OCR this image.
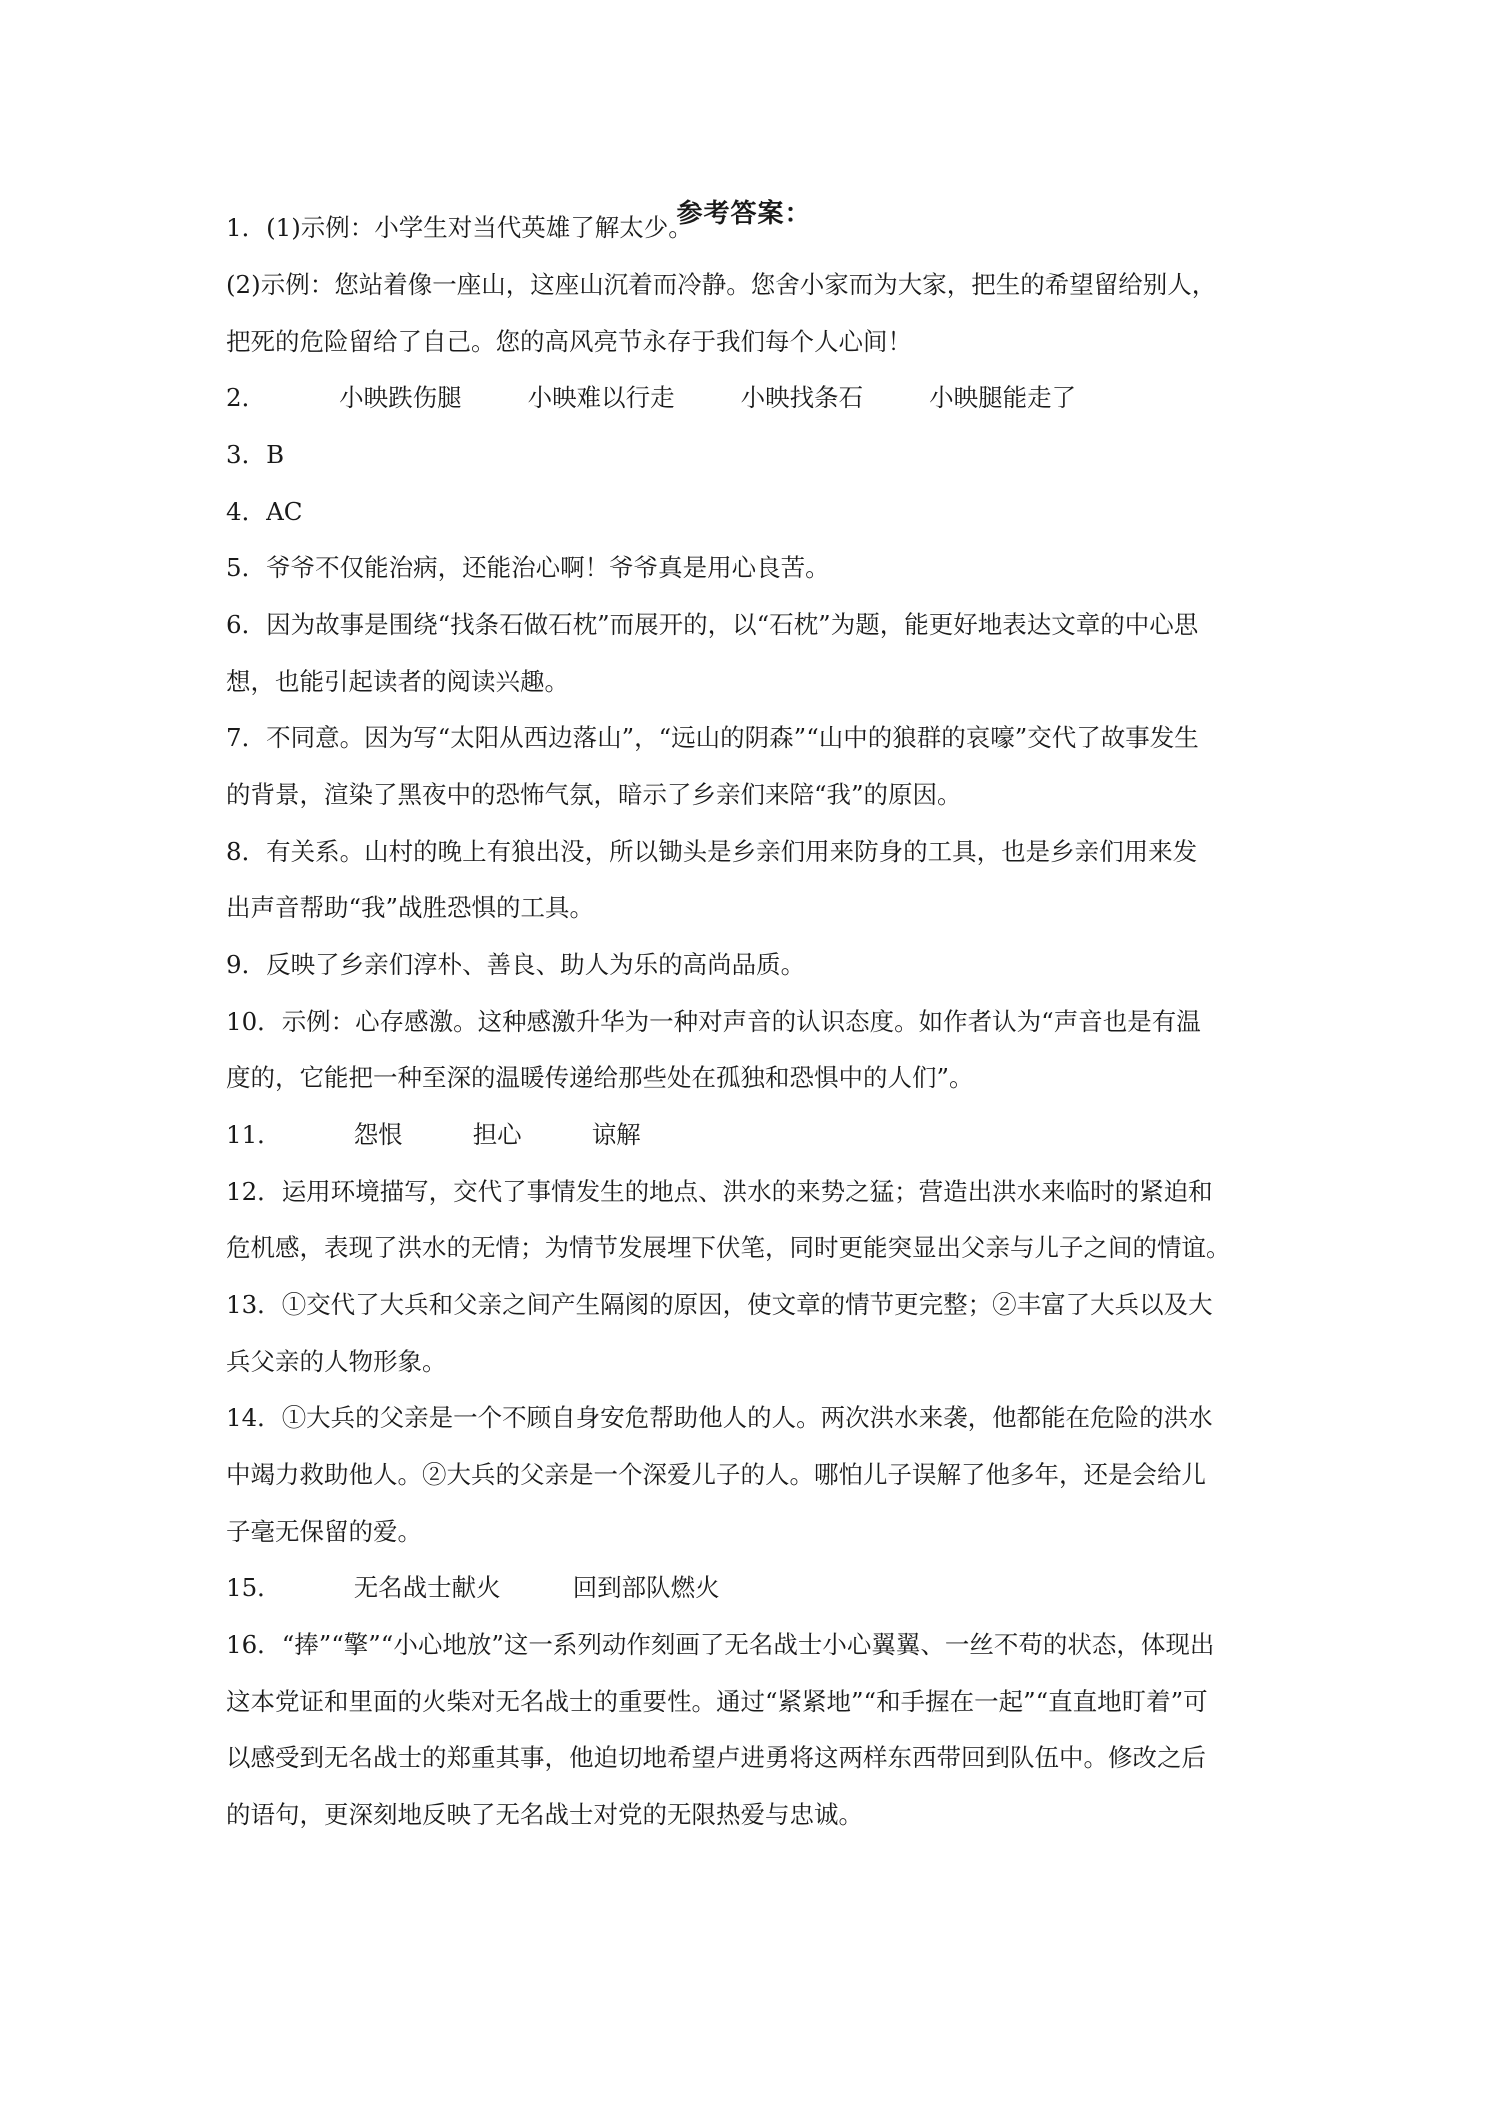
参考答案：
1．(1)示例：小学生对当代英雄了解太少。
(2)示例：您站着像一座山，这座山沉着而冷静。您舍小家而为大家，把生的希望留给别人，
把死的危险留给了自己。您的高风亮节永存于我们每个人心间！
2．	小映跌伤腿	小映难以行走	小映找条石	小映腿能走了
3．B
4．AC
5．爷爷不仅能治病，还能治心啊！爷爷真是用心良苦。
6．因为故事是围绕“找条石做石枕”而展开的，以“石枕”为题，能更好地表达文章的中心思
想，也能引起读者的阅读兴趣。
7．不同意。因为写“太阳从西边落山”，“远山的阴森”“山中的狼群的哀嚎”交代了故事发生
的背景，渲染了黑夜中的恐怖气氛，暗示了乡亲们来陪“我”的原因。
8．有关系。山村的晚上有狼出没，所以锄头是乡亲们用来防身的工具，也是乡亲们用来发
出声音帮助“我”战胜恐惧的工具。
9．反映了乡亲们淳朴、善良、助人为乐的高尚品质。
10．示例：心存感激。这种感激升华为一种对声音的认识态度。如作者认为“声音也是有温
度的，它能把一种至深的温暖传递给那些处在孤独和恐惧中的人们”。
11．	怨恨	担心	谅解
12．运用环境描写，交代了事情发生的地点、洪水的来势之猛；营造出洪水来临时的紧迫和
危机感，表现了洪水的无情；为情节发展埋下伏笔，同时更能突显出父亲与儿子之间的情谊。
13．①交代了大兵和父亲之间产生隔阂的原因，使文章的情节更完整；②丰富了大兵以及大
兵父亲的人物形象。
14．①大兵的父亲是一个不顾自身安危帮助他人的人。两次洪水来袭，他都能在危险的洪水
中竭力救助他人。②大兵的父亲是一个深爱儿子的人。哪怕儿子误解了他多年，还是会给儿
子毫无保留的爱。
15．	无名战士献火	回到部队燃火
16．“捧”“擎”“小心地放”这一系列动作刻画了无名战士小心翼翼、一丝不苟的状态，体现出
这本党证和里面的火柴对无名战士的重要性。通过“紧紧地”“和手握在一起”“直直地盯着”可
以感受到无名战士的郑重其事，他迫切地希望卢进勇将这两样东西带回到队伍中。修改之后
的语句，更深刻地反映了无名战士对党的无限热爱与忠诚。
